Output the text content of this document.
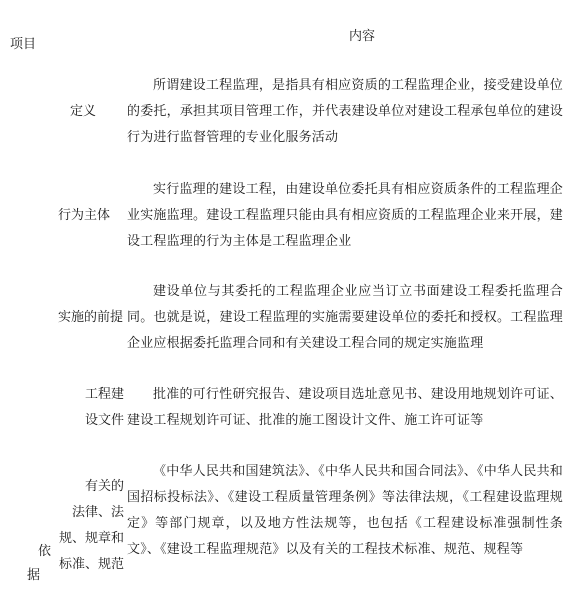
项目
内容
定义
所谓建设工程监理，是指具有相应资质的工程监理企业，接受建设单位的委托，承担其项目管理工作，并代表建设单位对建设工程承包单位的建设行为进行监督管理的专业化服务活动
行为主体
实行监理的建设工程，由建设单位委托具有相应资质条件的工程监理企业实施监理。建设工程监理只能由具有相应资质的工程监理企业来开展，建设工程监理的行为主体是工程监理企业
实施的前提
建设单位与其委托的工程监理企业应当订立书面建设工程委托监理合同。也就是说，建设工程监理的实施需要建设单位的委托和授权。工程监理企业应根据委托监理合同和有关建设工程合同的规定实施监理
工程建
设文件
批准的可行性研究报告、建设项目选址意见书、建设用地规划许可证、建设工程规划许可证、批准的施工图设计文件、施工许可证等
有关的
法律、法
规、规章和
标准、规范
《中华人民共和国建筑法》、《中华人民共和国合同法》、《中华人民共和国招标投标法》、《建设工程质量管理条例》等法律法规，《工程建设监理规定》等部门规章，以及地方性法规等，也包括《工程建设标准强制性条文》、《建设工程监理规范》以及有关的工程技术标准、规范、规程等
依
据
